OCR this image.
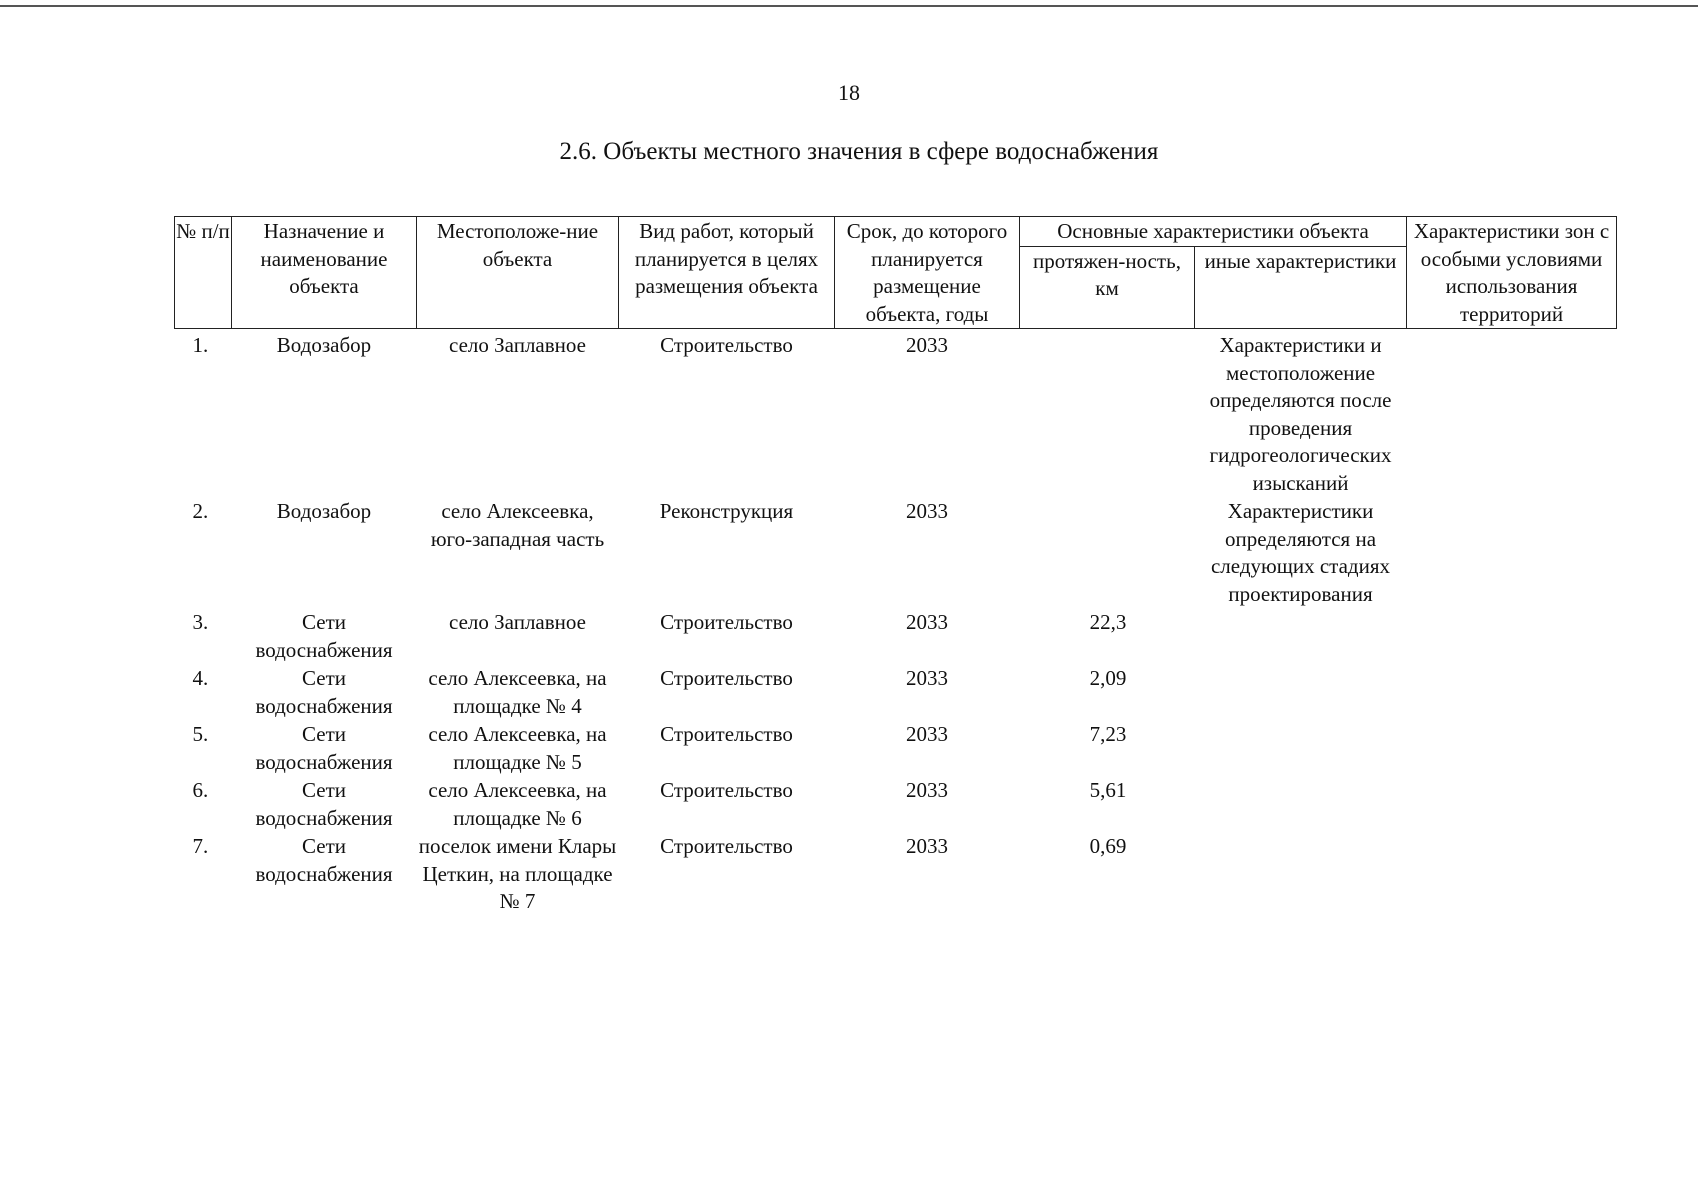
18
2.6. Объекты местного значения в сфере водоснабжения
№ п/п	Назначение и наименование объекта	Местоположе-ние объекта	Вид работ, который планируется в целях размещения объекта	Срок, до которого планируется размещение объекта, годы	Основные характеристики объекта		Характеристики зон с особыми условиями использования территорий
					протяжен-ность, км	иные характеристики	
1.	Водозабор	село Заплавное	Строительство	2033		Характеристики и местоположение определяются после проведения гидрогеологических изысканий	
2.	Водозабор	село Алексеевка, юго-западная часть	Реконструкция	2033		Характеристики определяются на следующих стадиях проектирования	
3.	Сети водоснабжения	село Заплавное	Строительство	2033	22,3		
4.	Сети водоснабжения	село Алексеевка, на площадке № 4	Строительство	2033	2,09		
5.	Сети водоснабжения	село Алексеевка, на площадке № 5	Строительство	2033	7,23		
6.	Сети водоснабжения	село Алексеевка, на площадке № 6	Строительство	2033	5,61		
7.	Сети водоснабжения	поселок имени Клары Цеткин, на площадке № 7	Строительство	2033	0,69		
